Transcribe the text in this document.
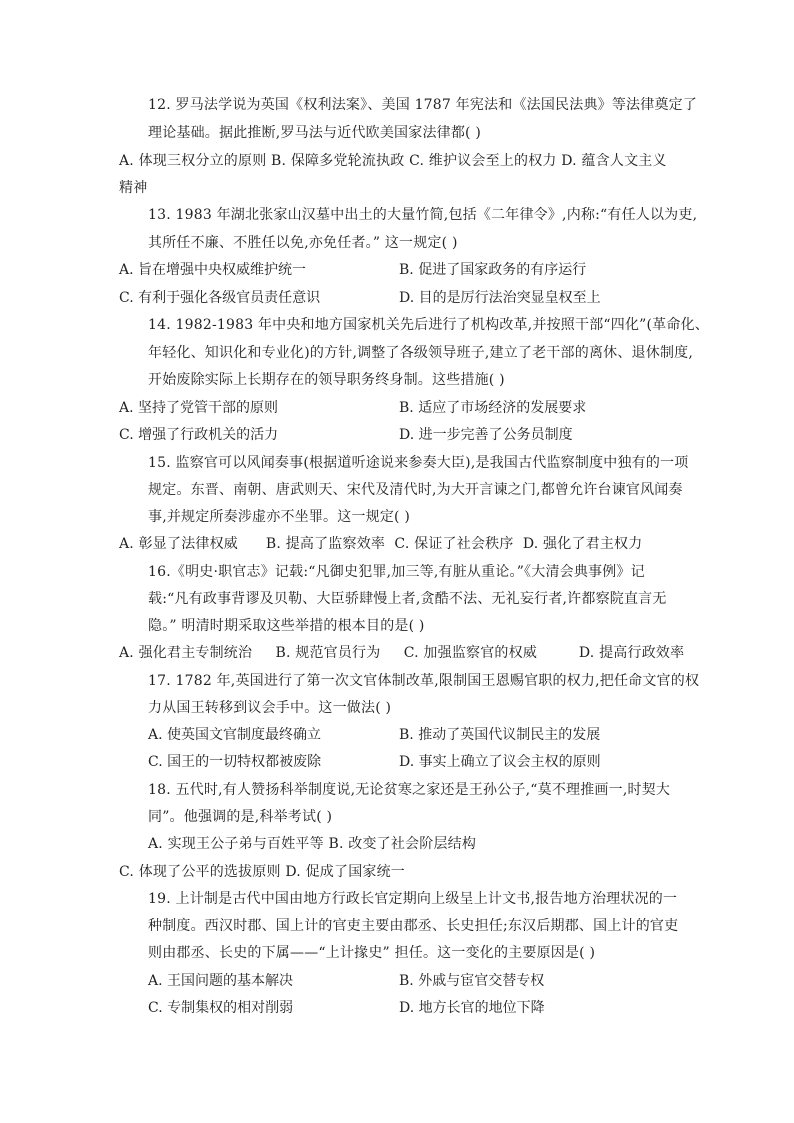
12. 罗马法学说为英国《权利法案》、美国 1787 年宪法和《法国民法典》等法律奠定了
理论基础。据此推断,罗马法与近代欧美国家法律都( )
A. 体现三权分立的原则 B. 保障多党轮流执政 C. 维护议会至上的权力 D. 蕴含人文主义
精神
13. 1983 年湖北张家山汉墓中出土的大量竹简,包括《二年律令》,内称:“有任人以为吏,
其所任不廉、不胜任以免,亦免任者。” 这一规定( )
A. 旨在增强中央权威维护统一	B. 促进了国家政务的有序运行
C. 有利于强化各级官员责任意识	D. 目的是厉行法治突显皇权至上
14. 1982-1983 年中央和地方国家机关先后进行了机构改革,并按照干部“四化”(革命化、
年轻化、知识化和专业化)的方针,调整了各级领导班子,建立了老干部的离休、退休制度,
开始废除实际上长期存在的领导职务终身制。这些措施( )
A. 坚持了党管干部的原则	B. 适应了市场经济的发展要求
C. 增强了行政机关的活力	D. 进一步完善了公务员制度
15. 监察官可以风闻奏事(根据道听途说来参奏大臣),是我国古代监察制度中独有的一项
规定。东晋、南朝、唐武则天、宋代及清代时,为大开言谏之门,都曾允许台谏官风闻奏
事,并规定所奏涉虚亦不坐罪。这一规定( )
A. 彰显了法律权威      B. 提高了监察效率  C. 保证了社会秩序  D. 强化了君主权力
16.《明史·职官志》记载:“凡御史犯罪,加三等,有脏从重论。”《大清会典事例》记
载:“凡有政事背谬及贝勒、大臣骄肆慢上者,贪酷不法、无礼妄行者,许都察院直言无
隐。” 明清时期采取这些举措的根本目的是( )
A. 强化君主专制统治     B. 规范官员行为     C. 加强监察官的权威         D. 提高行政效率
17. 1782 年,英国进行了第一次文官体制改革,限制国王恩赐官职的权力,把任命文官的权
力从国王转移到议会手中。这一做法( )
A. 使英国文官制度最终确立	B. 推动了英国代议制民主的发展
C. 国王的一切特权都被废除	D. 事实上确立了议会主权的原则
18. 五代时,有人赞扬科举制度说,无论贫寒之家还是王孙公子,“莫不理推画一,时契大
同”。他强调的是,科举考试( )
A. 实现王公子弟与百姓平等 B. 改变了社会阶层结构
C. 体现了公平的选拔原则 D. 促成了国家统一
19. 上计制是古代中国由地方行政长官定期向上级呈上计文书,报告地方治理状况的一
种制度。西汉时郡、国上计的官吏主要由郡丞、长史担任;东汉后期郡、国上计的官吏
则由郡丞、长史的下属——“上计掾史” 担任。这一变化的主要原因是( )
A. 王国问题的基本解决	B. 外戚与宦官交替专权
C. 专制集权的相对削弱	D. 地方长官的地位下降
